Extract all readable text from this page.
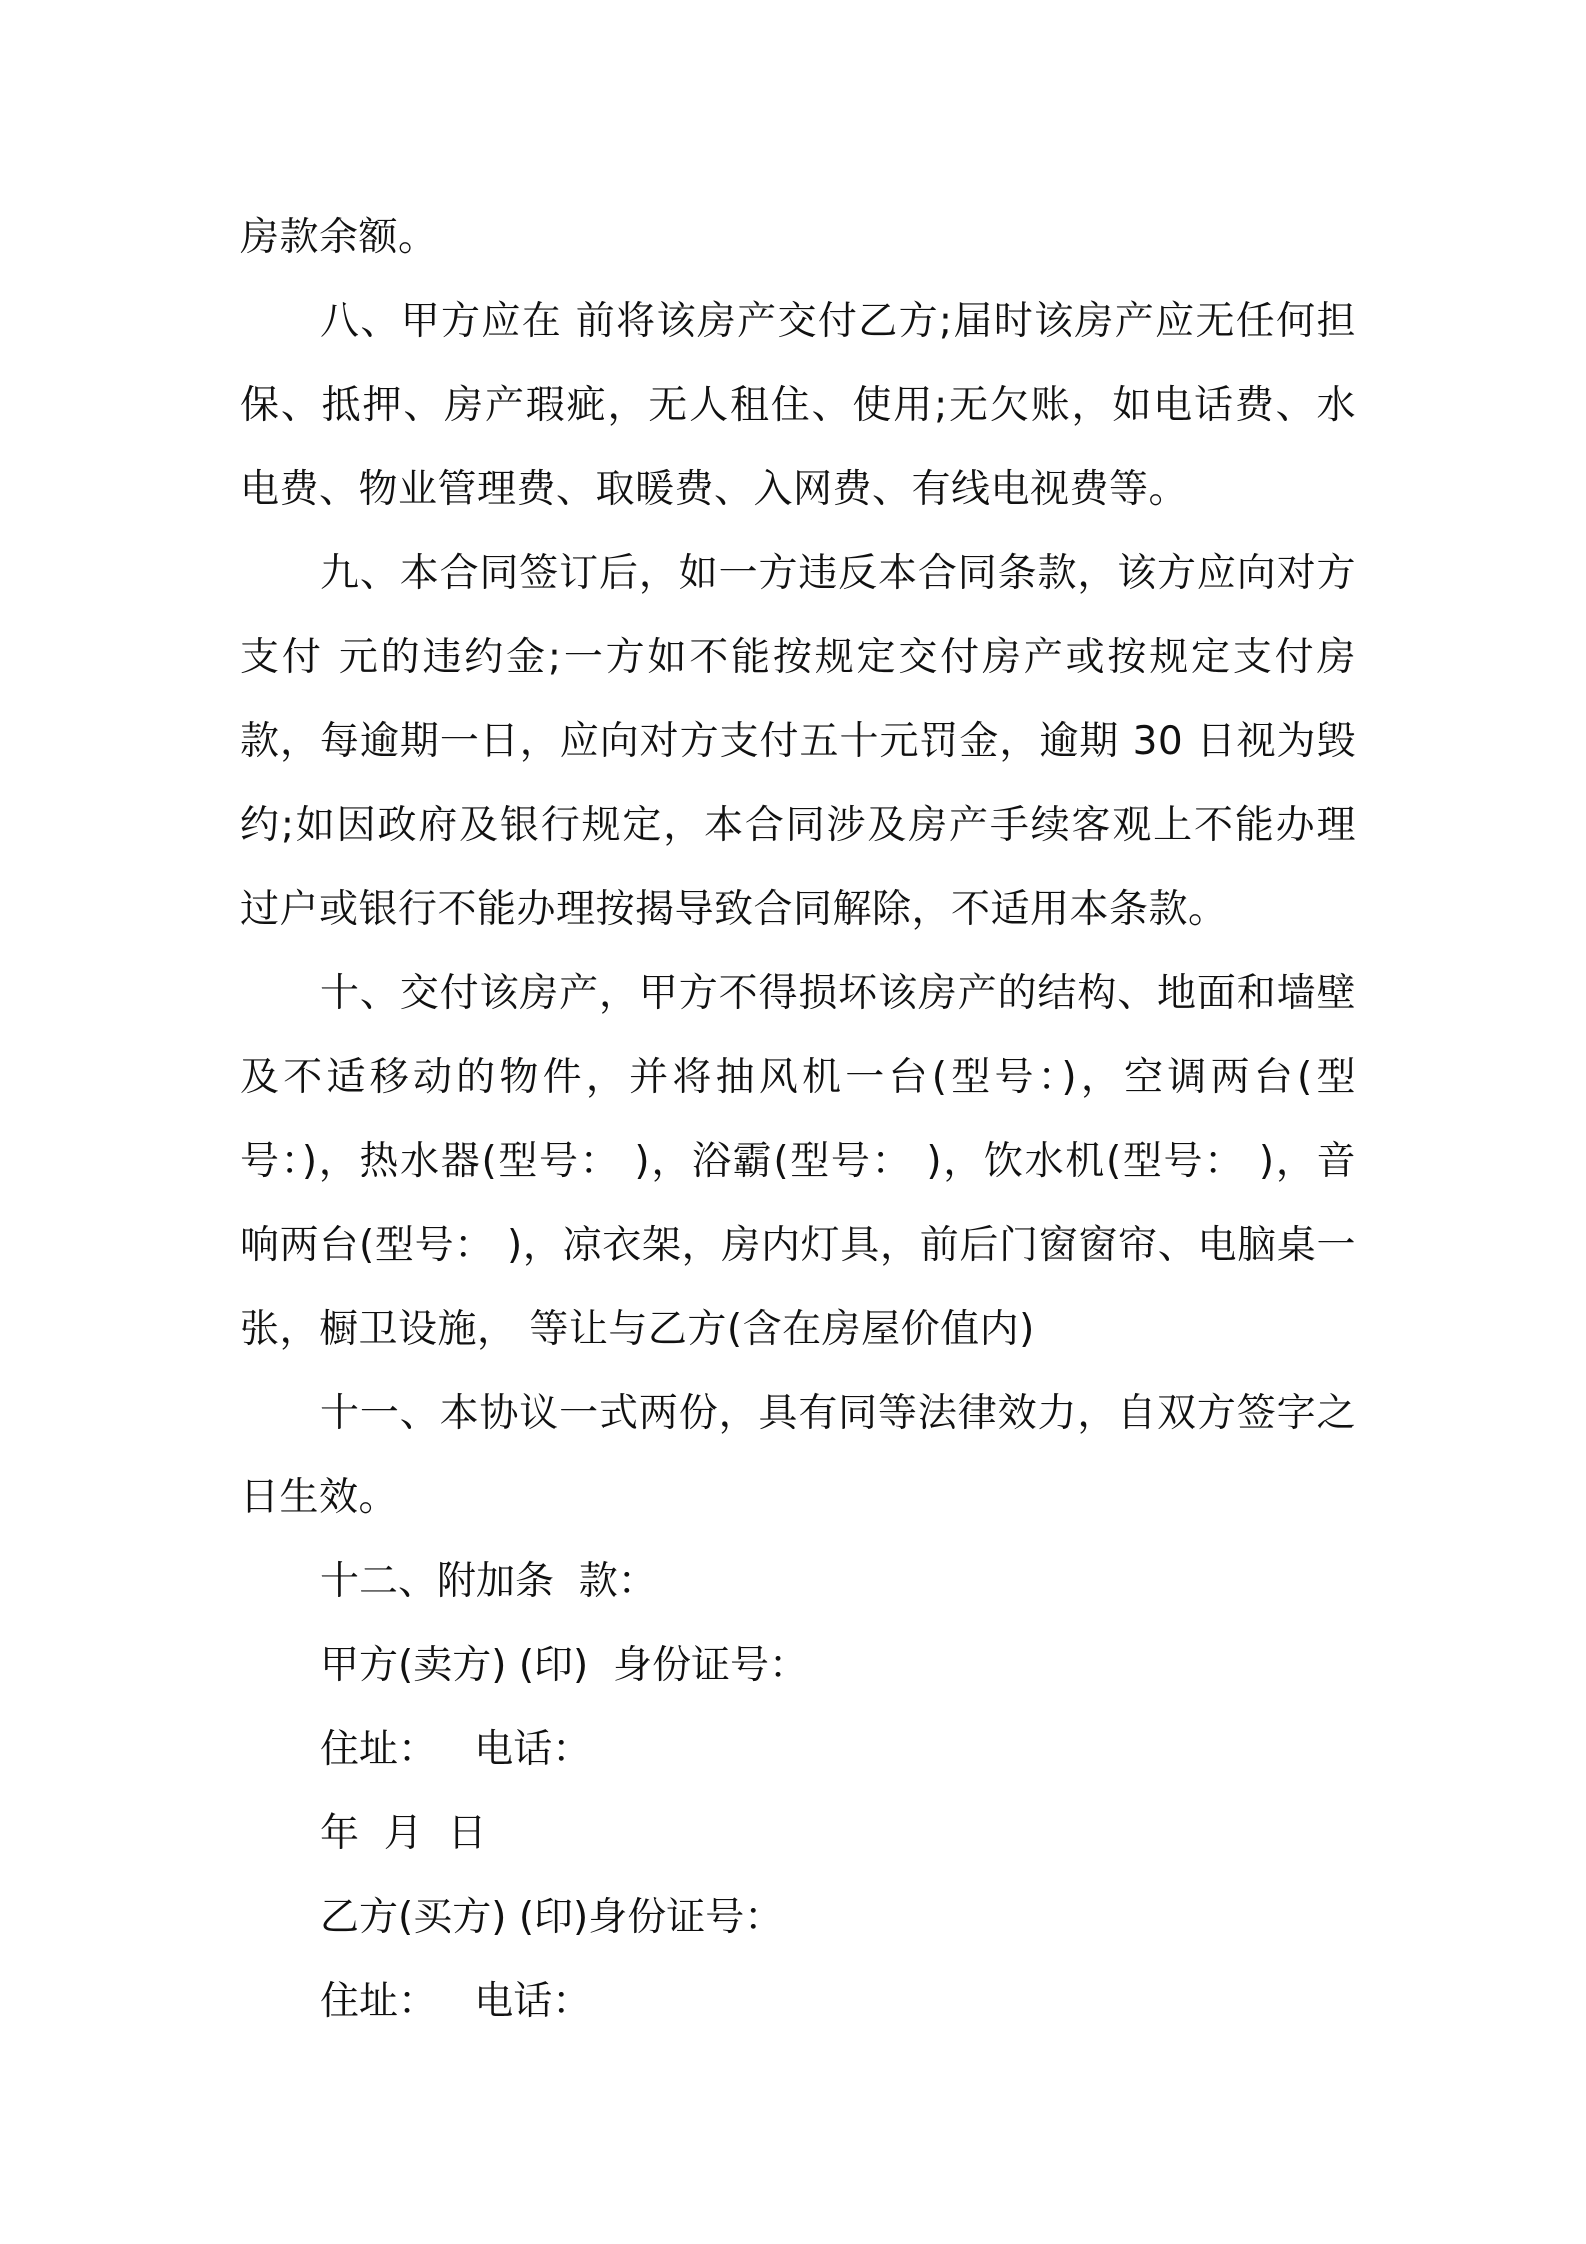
房款余额。

八、甲方应在 前将该房产交付乙方;届时该房产应无任何担保、抵押、房产瑕疵，无人租住、使用;无欠账，如电话费、水电费、物业管理费、取暖费、入网费、有线电视费等。

九、本合同签订后，如一方违反本合同条款，该方应向对方支付 元的违约金;一方如不能按规定交付房产或按规定支付房款，每逾期一日，应向对方支付五十元罚金，逾期 30 日视为毁约;如因政府及银行规定，本合同涉及房产手续客观上不能办理过户或银行不能办理按揭导致合同解除，不适用本条款。

十、交付该房产，甲方不得损坏该房产的结构、地面和墙壁及不适移动的物件，并将抽风机一台(型号：)，空调两台(型号：)，热水器(型号： )，浴霸(型号： )，饮水机(型号： )，音响两台(型号： )，凉衣架，房内灯具，前后门窗窗帘、电脑桌一张，橱卫设施， 等让与乙方(含在房屋价值内)

十一、本协议一式两份，具有同等法律效力，自双方签字之日生效。

十二、附加条  款：

甲方(卖方) (印)  身份证号：

住址：   电话：

年  月  日

乙方(买方) (印)身份证号：

住址：   电话：
